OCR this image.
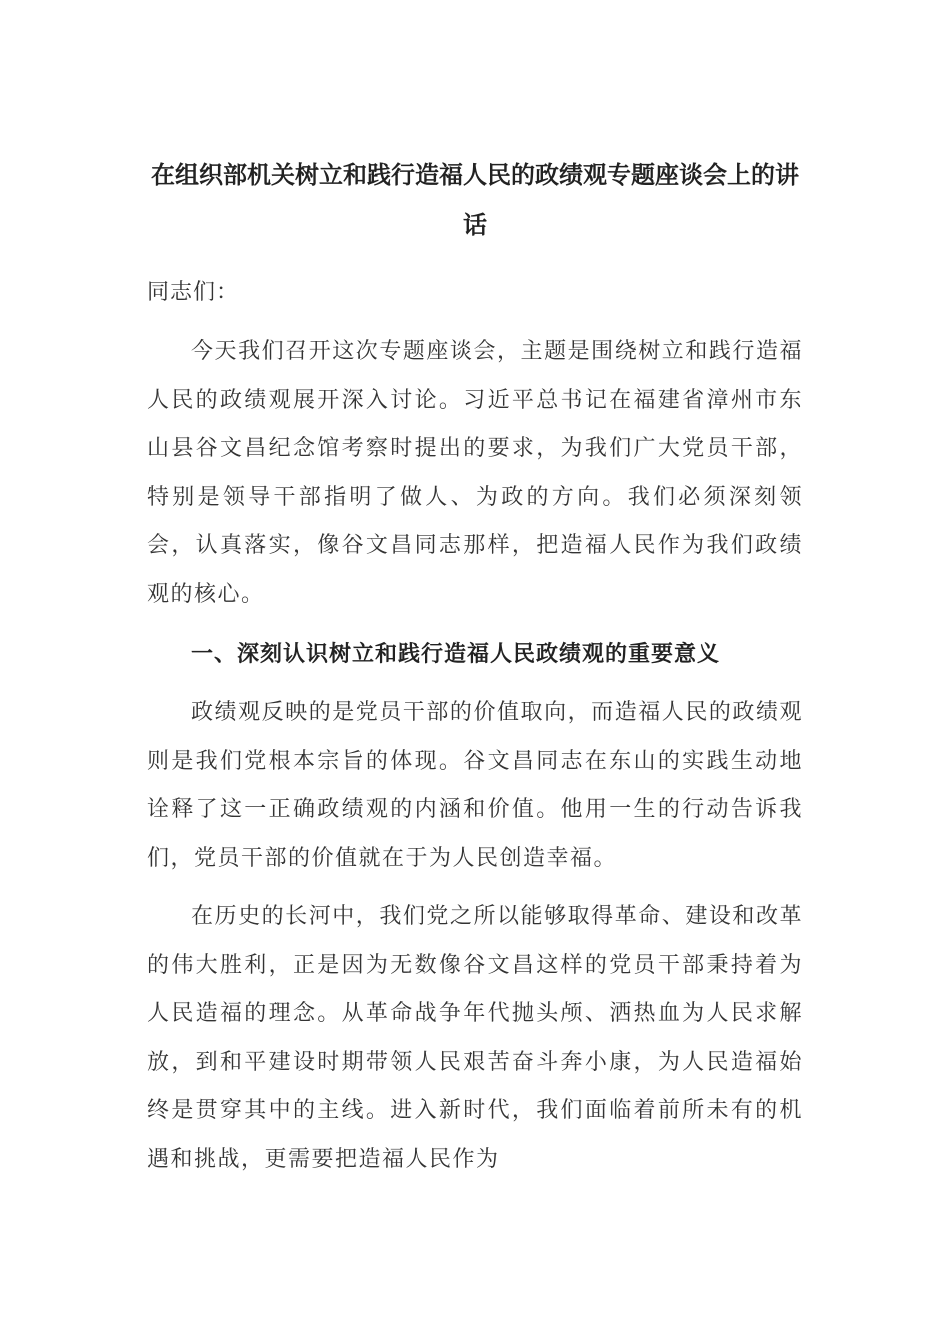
在组织部机关树立和践行造福人民的政绩观专题座谈会上的讲话

同志们：

今天我们召开这次专题座谈会，主题是围绕树立和践行造福人民的政绩观展开深入讨论。习近平总书记在福建省漳州市东山县谷文昌纪念馆考察时提出的要求，为我们广大党员干部，特别是领导干部指明了做人、为政的方向。我们必须深刻领会，认真落实，像谷文昌同志那样，把造福人民作为我们政绩观的核心。

一、深刻认识树立和践行造福人民政绩观的重要意义

政绩观反映的是党员干部的价值取向，而造福人民的政绩观则是我们党根本宗旨的体现。谷文昌同志在东山的实践生动地诠释了这一正确政绩观的内涵和价值。他用一生的行动告诉我们，党员干部的价值就在于为人民创造幸福。

在历史的长河中，我们党之所以能够取得革命、建设和改革的伟大胜利，正是因为无数像谷文昌这样的党员干部秉持着为人民造福的理念。从革命战争年代抛头颅、洒热血为人民求解放，到和平建设时期带领人民艰苦奋斗奔小康，为人民造福始终是贯穿其中的主线。进入新时代，我们面临着前所未有的机遇和挑战，更需要把造福人民作为
